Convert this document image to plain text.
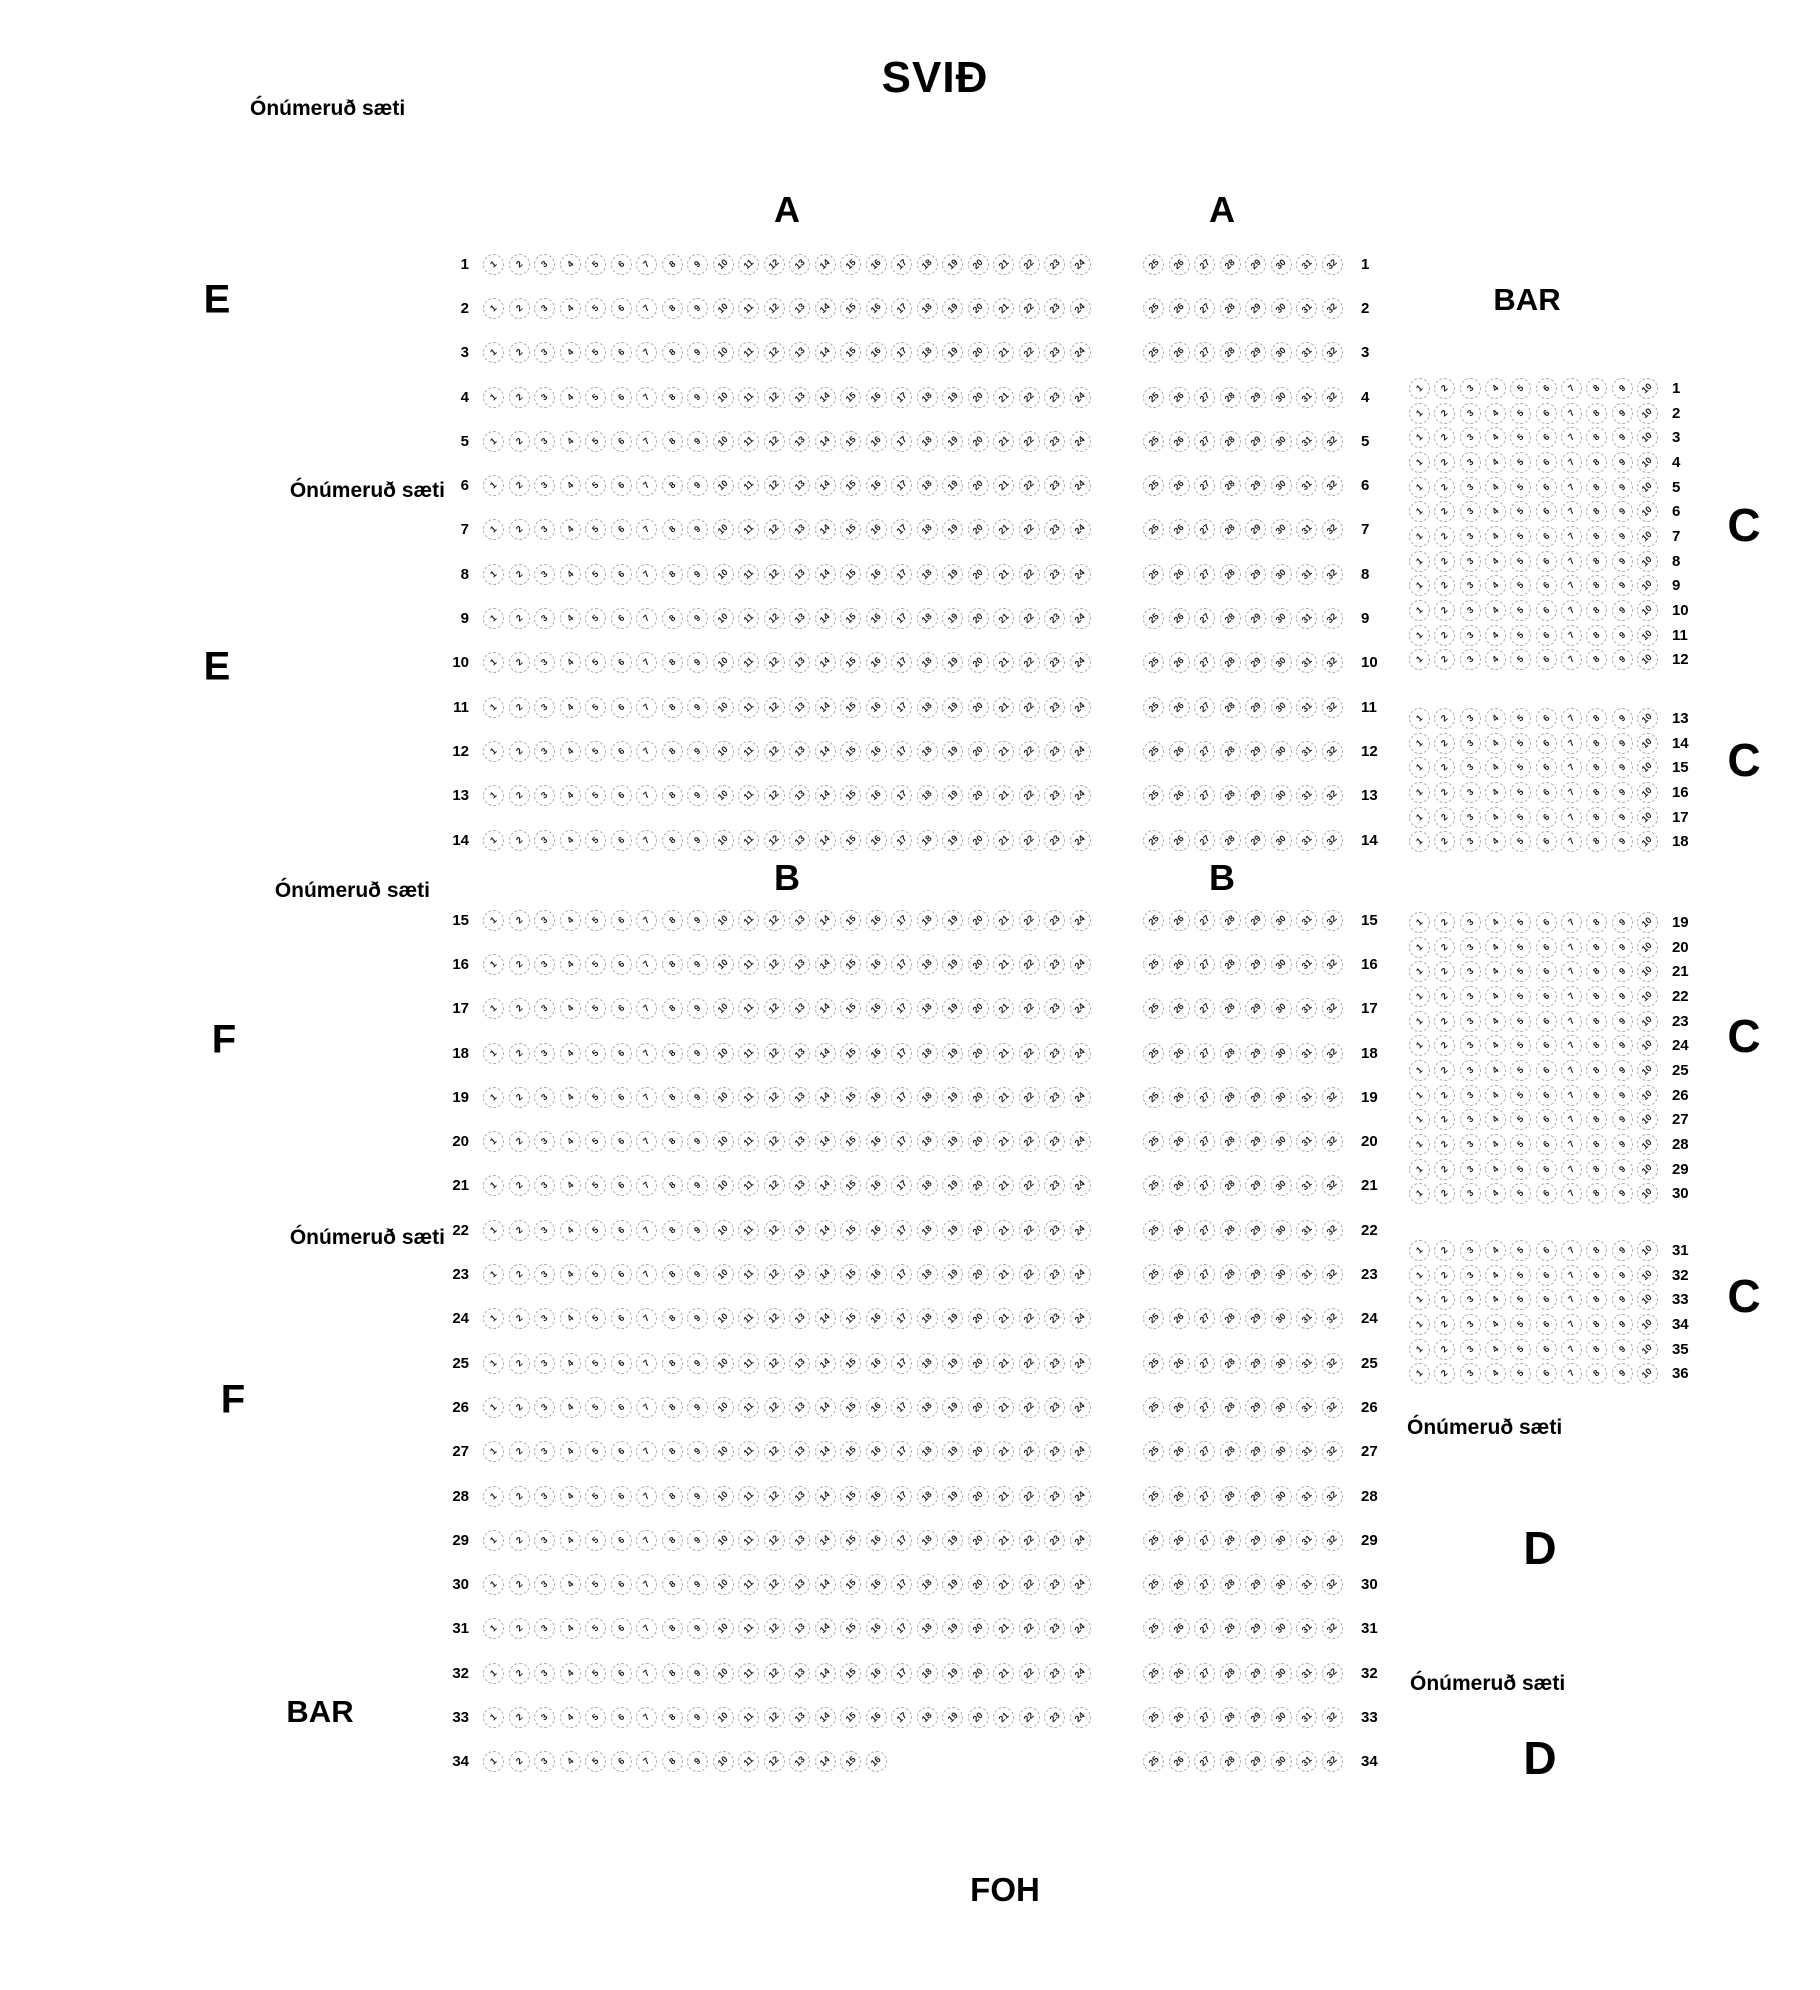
SVIÐ
Ónúmeruð sæti
BAR
A	A
B	B
E
E
F
F
Ónúmeruð sæti
Ónúmeruð sæti
Ónúmeruð sæti
BAR
C
C
C
C
Ónúmeruð sæti
D
Ónúmeruð sæti
D
FOH
1 1 2 3 4 5 6 7 8 9 10 11 12 13 14 15 16 17 18 19 20 21 22 23 24
2 1 2 3 4 5 6 7 8 9 10 11 12 13 14 15 16 17 18 19 20 21 22 23 24
3 1 2 3 4 5 6 7 8 9 10 11 12 13 14 15 16 17 18 19 20 21 22 23 24
4 1 2 3 4 5 6 7 8 9 10 11 12 13 14 15 16 17 18 19 20 21 22 23 24
5 1 2 3 4 5 6 7 8 9 10 11 12 13 14 15 16 17 18 19 20 21 22 23 24
6 1 2 3 4 5 6 7 8 9 10 11 12 13 14 15 16 17 18 19 20 21 22 23 24
7 1 2 3 4 5 6 7 8 9 10 11 12 13 14 15 16 17 18 19 20 21 22 23 24
8 1 2 3 4 5 6 7 8 9 10 11 12 13 14 15 16 17 18 19 20 21 22 23 24
9 1 2 3 4 5 6 7 8 9 10 11 12 13 14 15 16 17 18 19 20 21 22 23 24
10 1 2 3 4 5 6 7 8 9 10 11 12 13 14 15 16 17 18 19 20 21 22 23 24
11 1 2 3 4 5 6 7 8 9 10 11 12 13 14 15 16 17 18 19 20 21 22 23 24
12 1 2 3 4 5 6 7 8 9 10 11 12 13 14 15 16 17 18 19 20 21 22 23 24
13 1 2 3 4 5 6 7 8 9 10 11 12 13 14 15 16 17 18 19 20 21 22 23 24
14 1 2 3 4 5 6 7 8 9 10 11 12 13 14 15 16 17 18 19 20 21 22 23 24
15 1 2 3 4 5 6 7 8 9 10 11 12 13 14 15 16 17 18 19 20 21 22 23 24
16 1 2 3 4 5 6 7 8 9 10 11 12 13 14 15 16 17 18 19 20 21 22 23 24
17 1 2 3 4 5 6 7 8 9 10 11 12 13 14 15 16 17 18 19 20 21 22 23 24
18 1 2 3 4 5 6 7 8 9 10 11 12 13 14 15 16 17 18 19 20 21 22 23 24
19 1 2 3 4 5 6 7 8 9 10 11 12 13 14 15 16 17 18 19 20 21 22 23 24
20 1 2 3 4 5 6 7 8 9 10 11 12 13 14 15 16 17 18 19 20 21 22 23 24
21 1 2 3 4 5 6 7 8 9 10 11 12 13 14 15 16 17 18 19 20 21 22 23 24
22 1 2 3 4 5 6 7 8 9 10 11 12 13 14 15 16 17 18 19 20 21 22 23 24
23 1 2 3 4 5 6 7 8 9 10 11 12 13 14 15 16 17 18 19 20 21 22 23 24
24 1 2 3 4 5 6 7 8 9 10 11 12 13 14 15 16 17 18 19 20 21 22 23 24
25 1 2 3 4 5 6 7 8 9 10 11 12 13 14 15 16 17 18 19 20 21 22 23 24
26 1 2 3 4 5 6 7 8 9 10 11 12 13 14 15 16 17 18 19 20 21 22 23 24
27 1 2 3 4 5 6 7 8 9 10 11 12 13 14 15 16 17 18 19 20 21 22 23 24
28 1 2 3 4 5 6 7 8 9 10 11 12 13 14 15 16 17 18 19 20 21 22 23 24
29 1 2 3 4 5 6 7 8 9 10 11 12 13 14 15 16 17 18 19 20 21 22 23 24
30 1 2 3 4 5 6 7 8 9 10 11 12 13 14 15 16 17 18 19 20 21 22 23 24
31 1 2 3 4 5 6 7 8 9 10 11 12 13 14 15 16 17 18 19 20 21 22 23 24
32 1 2 3 4 5 6 7 8 9 10 11 12 13 14 15 16 17 18 19 20 21 22 23 24
33 1 2 3 4 5 6 7 8 9 10 11 12 13 14 15 16 17 18 19 20 21 22 23 24
34 1 2 3 4 5 6 7 8 9 10 11 12 13 14 15 16
25 26 27 28 29 30 31 32 1
25 26 27 28 29 30 31 32 2
25 26 27 28 29 30 31 32 3
25 26 27 28 29 30 31 32 4
25 26 27 28 29 30 31 32 5
25 26 27 28 29 30 31 32 6
25 26 27 28 29 30 31 32 7
25 26 27 28 29 30 31 32 8
25 26 27 28 29 30 31 32 9
25 26 27 28 29 30 31 32 10
25 26 27 28 29 30 31 32 11
25 26 27 28 29 30 31 32 12
25 26 27 28 29 30 31 32 13
25 26 27 28 29 30 31 32 14
25 26 27 28 29 30 31 32 15
25 26 27 28 29 30 31 32 16
25 26 27 28 29 30 31 32 17
25 26 27 28 29 30 31 32 18
25 26 27 28 29 30 31 32 19
25 26 27 28 29 30 31 32 20
25 26 27 28 29 30 31 32 21
25 26 27 28 29 30 31 32 22
25 26 27 28 29 30 31 32 23
25 26 27 28 29 30 31 32 24
25 26 27 28 29 30 31 32 25
25 26 27 28 29 30 31 32 26
25 26 27 28 29 30 31 32 27
25 26 27 28 29 30 31 32 28
25 26 27 28 29 30 31 32 29
25 26 27 28 29 30 31 32 30
25 26 27 28 29 30 31 32 31
25 26 27 28 29 30 31 32 32
25 26 27 28 29 30 31 32 33
25 26 27 28 29 30 31 32 34
1 2 3 4 5 6 7 8 9 10 1
1 2 3 4 5 6 7 8 9 10 2
1 2 3 4 5 6 7 8 9 10 3
1 2 3 4 5 6 7 8 9 10 4
1 2 3 4 5 6 7 8 9 10 5
1 2 3 4 5 6 7 8 9 10 6
1 2 3 4 5 6 7 8 9 10 7
1 2 3 4 5 6 7 8 9 10 8
1 2 3 4 5 6 7 8 9 10 9
1 2 3 4 5 6 7 8 9 10 10
1 2 3 4 5 6 7 8 9 10 11
1 2 3 4 5 6 7 8 9 10 12
1 2 3 4 5 6 7 8 9 10 13
1 2 3 4 5 6 7 8 9 10 14
1 2 3 4 5 6 7 8 9 10 15
1 2 3 4 5 6 7 8 9 10 16
1 2 3 4 5 6 7 8 9 10 17
1 2 3 4 5 6 7 8 9 10 18
1 2 3 4 5 6 7 8 9 10 19
1 2 3 4 5 6 7 8 9 10 20
1 2 3 4 5 6 7 8 9 10 21
1 2 3 4 5 6 7 8 9 10 22
1 2 3 4 5 6 7 8 9 10 23
1 2 3 4 5 6 7 8 9 10 24
1 2 3 4 5 6 7 8 9 10 25
1 2 3 4 5 6 7 8 9 10 26
1 2 3 4 5 6 7 8 9 10 27
1 2 3 4 5 6 7 8 9 10 28
1 2 3 4 5 6 7 8 9 10 29
1 2 3 4 5 6 7 8 9 10 30
1 2 3 4 5 6 7 8 9 10 31
1 2 3 4 5 6 7 8 9 10 32
1 2 3 4 5 6 7 8 9 10 33
1 2 3 4 5 6 7 8 9 10 34
1 2 3 4 5 6 7 8 9 10 35
1 2 3 4 5 6 7 8 9 10 36
